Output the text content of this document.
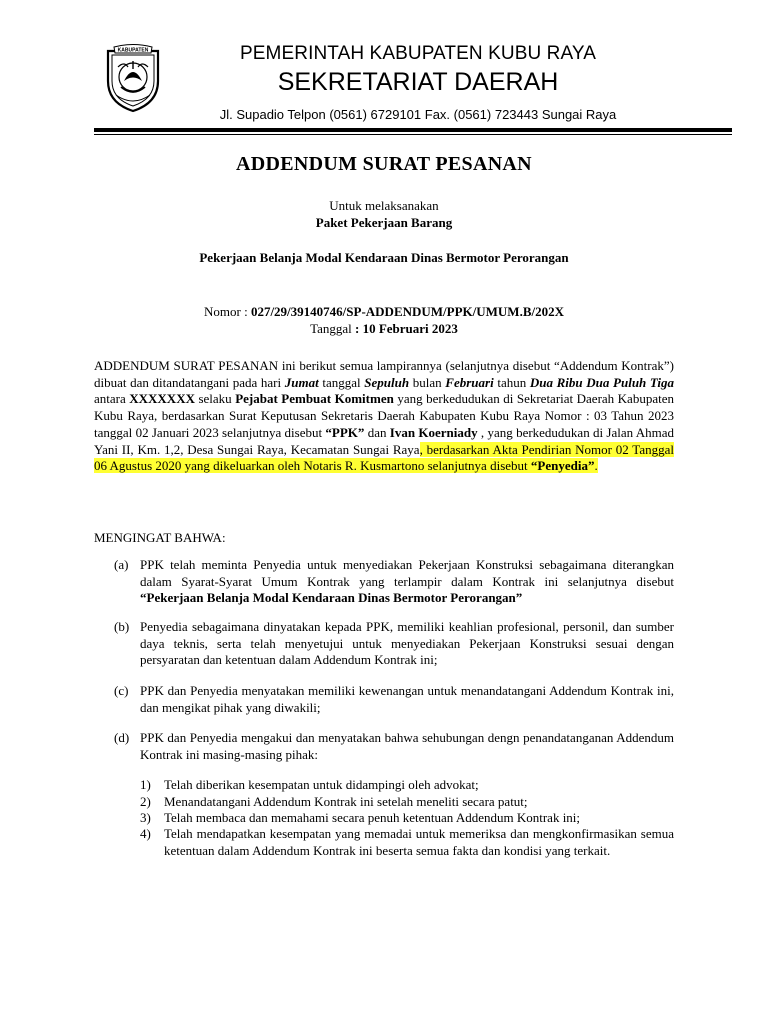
KABUPATEN	PEMERINTAH KABUPATEN KUBU RAYA
SEKRETARIAT DAERAH
Jl. Supadio Telpon (0561) 6729101 Fax. (0561) 723443 Sungai Raya
ADDENDUM SURAT PESANAN
Untuk melaksanakan
Paket Pekerjaan Barang
Pekerjaan Belanja Modal Kendaraan Dinas Bermotor Perorangan
Nomor : 027/29/39140746/SP-ADDENDUM/PPK/UMUM.B/202X
Tanggal : 10 Februari 2023
ADDENDUM SURAT PESANAN ini berikut semua lampirannya (selanjutnya disebut “Addendum Kontrak”) dibuat dan ditandatangani pada hari Jumat tanggal Sepuluh bulan Februari tahun Dua Ribu Dua Puluh Tiga antara XXXXXXX selaku Pejabat Pembuat Komitmen yang berkedudukan di Sekretariat Daerah Kabupaten Kubu Raya, berdasarkan Surat Keputusan Sekretaris Daerah Kabupaten Kubu Raya Nomor : 03 Tahun 2023 tanggal 02 Januari 2023 selanjutnya disebut “PPK” dan Ivan Koerniady , yang berkedudukan di Jalan Ahmad Yani II, Km. 1,2, Desa Sungai Raya, Kecamatan Sungai Raya, berdasarkan Akta Pendirian Nomor 02 Tanggal 06 Agustus 2020 yang dikeluarkan oleh Notaris R. Kusmartono selanjutnya disebut “Penyedia”.
MENGINGAT BAHWA:
(a) PPK telah meminta Penyedia untuk menyediakan Pekerjaan Konstruksi sebagaimana diterangkan dalam Syarat-Syarat Umum Kontrak yang terlampir dalam Kontrak ini selanjutnya disebut “Pekerjaan Belanja Modal Kendaraan Dinas Bermotor Perorangan”
(b) Penyedia sebagaimana dinyatakan kepada PPK, memiliki keahlian profesional, personil, dan sumber daya teknis, serta telah menyetujui untuk menyediakan Pekerjaan Konstruksi sesuai dengan persyaratan dan ketentuan dalam Addendum Kontrak ini;
(c) PPK dan Penyedia menyatakan memiliki kewenangan untuk menandatangani Addendum Kontrak ini, dan mengikat pihak yang diwakili;
(d) PPK dan Penyedia mengakui dan menyatakan bahwa sehubungan dengn penandatanganan Addendum Kontrak ini masing-masing pihak:
1)	Telah diberikan kesempatan untuk didampingi oleh advokat;
2)	Menandatangani Addendum Kontrak ini setelah meneliti secara patut;
3)	Telah membaca dan memahami secara penuh ketentuan Addendum Kontrak ini;
4)	Telah mendapatkan kesempatan yang memadai untuk memeriksa dan mengkonfirmasikan semua ketentuan dalam Addendum Kontrak ini beserta semua fakta dan kondisi yang terkait.
